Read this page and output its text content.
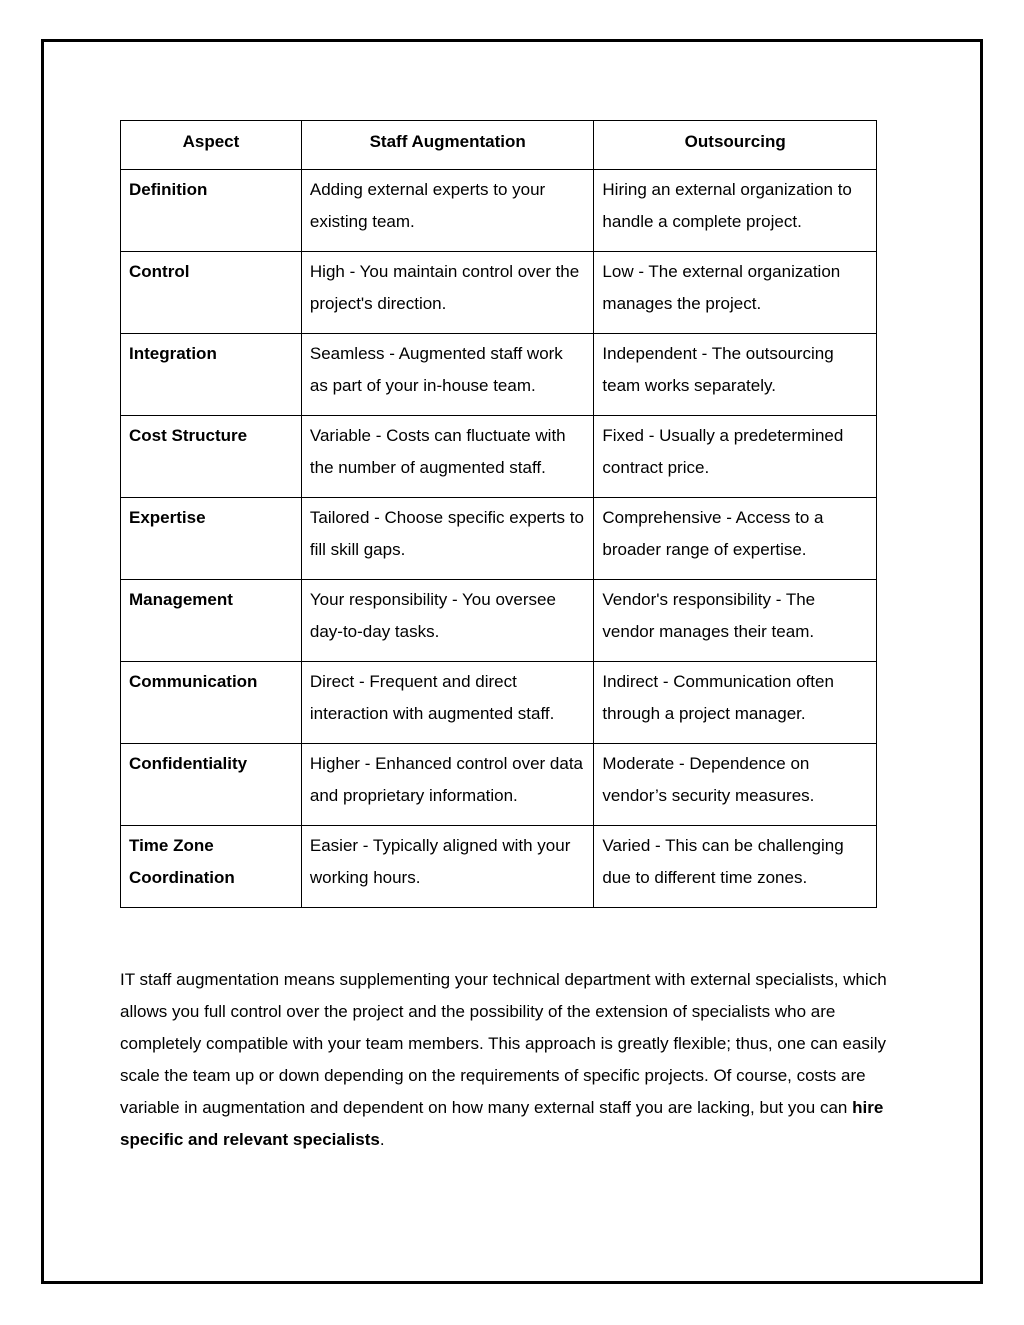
Aspect	Staff Augmentation	Outsourcing
Definition	Adding external experts to your existing team.	Hiring an external organization to handle a complete project.
Control	High - You maintain control over the project's direction.	Low - The external organization manages the project.
Integration	Seamless - Augmented staff work as part of your in-house team.	Independent - The outsourcing team works separately.
Cost Structure	Variable - Costs can fluctuate with the number of augmented staff.	Fixed - Usually a predetermined contract price.
Expertise	Tailored - Choose specific experts to fill skill gaps.	Comprehensive - Access to a broader range of expertise.
Management	Your responsibility - You oversee day-to-day tasks.	Vendor's responsibility - The vendor manages their team.
Communication	Direct - Frequent and direct interaction with augmented staff.	Indirect - Communication often through a project manager.
Confidentiality	Higher - Enhanced control over data and proprietary information.	Moderate - Dependence on vendor’s security measures.
Time Zone Coordination	Easier - Typically aligned with your working hours.	Varied - This can be challenging due to different time zones.

IT staff augmentation means supplementing your technical department with external specialists, which allows you full control over the project and the possibility of the extension of specialists who are completely compatible with your team members. This approach is greatly flexible; thus, one can easily scale the team up or down depending on the requirements of specific projects. Of course, costs are variable in augmentation and dependent on how many external staff you are lacking, but you can hire specific and relevant specialists.
